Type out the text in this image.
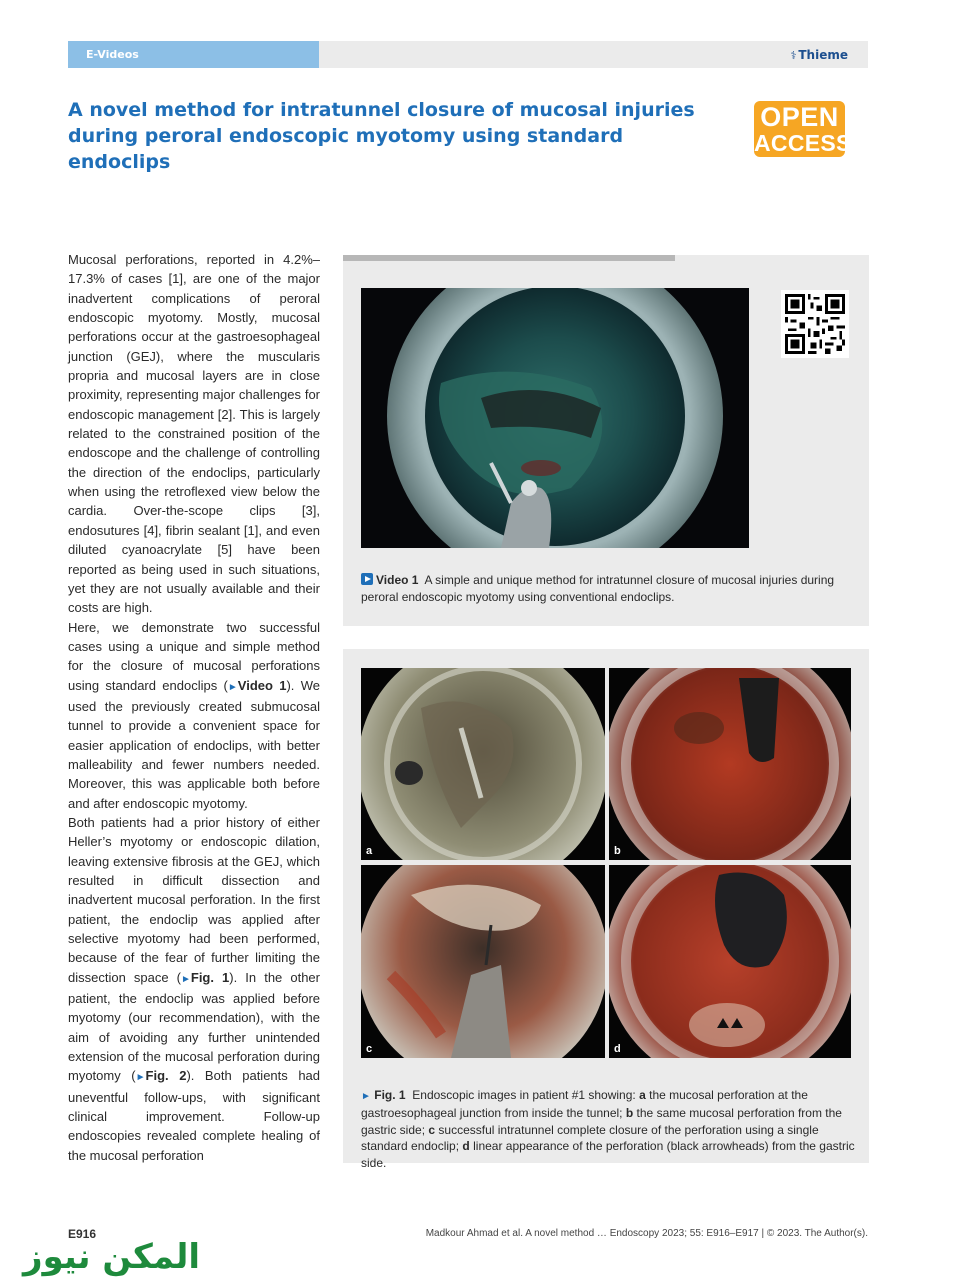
E-Videos	⚕ Thieme
A novel method for intratunnel closure of mucosal injuries during peroral endoscopic myotomy using standard endoclips
OPEN
ACCESS

Mucosal perforations, reported in 4.2%–17.3% of cases [1], are one of the major inadvertent complications of peroral endoscopic myotomy. Mostly, mucosal perforations occur at the gastroesophageal junction (GEJ), where the muscularis propria and mucosal layers are in close proximity, representing major challenges for endoscopic management [2]. This is largely related to the constrained position of the endoscope and the challenge of controlling the direction of the endoclips, particularly when using the retroflexed view below the cardia. Over-the-scope clips [3], endosutures [4], fibrin sealant [1], and even diluted cyanoacrylate [5] have been reported as being used in such situations, yet they are not usually available and their costs are high.

Here, we demonstrate two successful cases using a unique and simple method for the closure of mucosal perforations using standard endoclips (►Video 1). We used the previously created submucosal tunnel to provide a convenient space for easier application of endoclips, with better malleability and fewer numbers needed. Moreover, this was applicable both before and after endoscopic myotomy.

Both patients had a prior history of either Heller’s myotomy or endoscopic dilation, leaving extensive fibrosis at the GEJ, which resulted in difficult dissection and inadvertent mucosal perforation. In the first patient, the endoclip was applied after selective myotomy had been performed, because of the fear of further limiting the dissection space (►Fig. 1). In the other patient, the endoclip was applied before myotomy (our recommendation), with the aim of avoiding any further unintended extension of the mucosal perforation during myotomy (►Fig. 2). Both patients had uneventful follow-ups, with significant clinical improvement. Follow-up endoscopies revealed complete healing of the mucosal perforation

Video 1 A simple and unique method for intratunnel closure of mucosal injuries during peroral endoscopic myotomy using conventional endoclips.
a	b
c	d
► Fig. 1 Endoscopic images in patient #1 showing: a the mucosal perforation at the gastroesophageal junction from inside the tunnel; b the same mucosal perforation from the gastric side; c successful intratunnel complete closure of the perforation using a single standard endoclip; d linear appearance of the perforation (black arrowheads) from the gastric side.
E916	Madkour Ahmad et al. A novel method … Endoscopy 2023; 55: E916–E917 | © 2023. The Author(s).
المكن نيوز
